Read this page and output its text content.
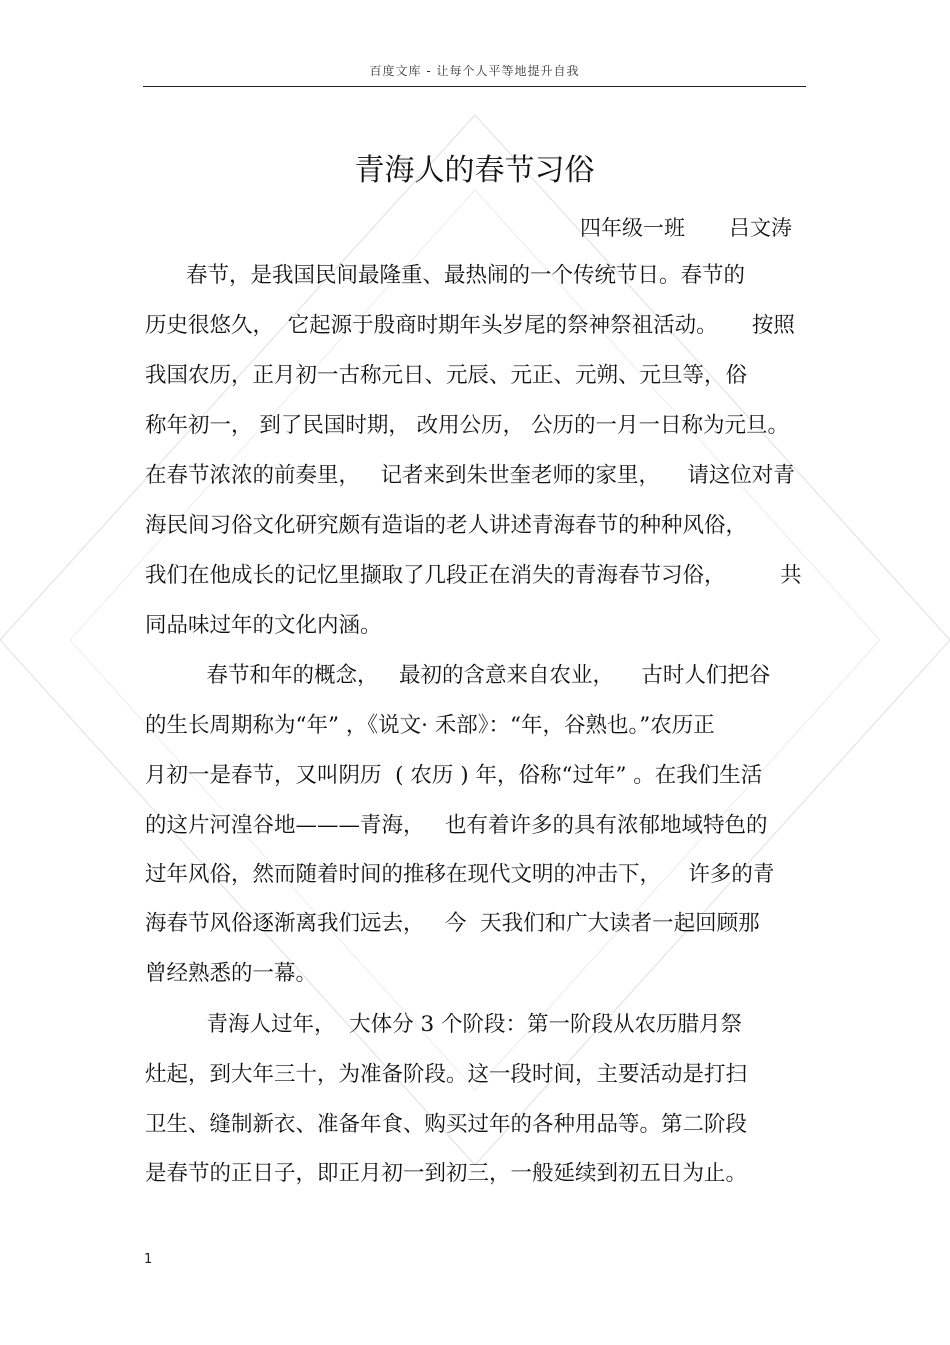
百度文库 - 让每个人平等地提升自我
青海人的春节习俗
四年级一班 吕文涛
春节，是我国民间最隆重、最热闹的一个传统节日。春节的
历史很悠久，  它起源于殷商时期年头岁尾的祭神祭祖活动。     按照
我国农历，正月初一古称元日、元辰、元正、元朔、元旦等，俗
称年初一， 到了民国时期， 改用公历， 公历的一月一日称为元旦。
在春节浓浓的前奏里，   记者来到朱世奎老师的家里，    请这位对青
海民间习俗文化研究颇有造诣的老人讲述青海春节的种种风俗，
我们在他成长的记忆里撷取了几段正在消失的青海春节习俗，        共
同品味过年的文化内涵。
春节和年的概念，   最初的含意来自农业，    古时人们把谷
的生长周期称为“年” ，《说文· 禾部》：“年，谷熟也。”农历正
月初一是春节，又叫阴历  ( 农历 ) 年，俗称“过年” 。在我们生活
的这片河湟谷地———青海，   也有着许多的具有浓郁地域特色的
过年风俗，然而随着时间的推移在现代文明的冲击下，    许多的青
海春节风俗逐渐离我们远去，   今  天我们和广大读者一起回顾那
曾经熟悉的一幕。
青海人过年，  大体分 3 个阶段：第一阶段从农历腊月祭
灶起，到大年三十，为准备阶段。这一段时间，主要活动是打扫
卫生、缝制新衣、准备年食、购买过年的各种用品等。第二阶段
是春节的正日子，即正月初一到初三，一般延续到初五日为止。
1
